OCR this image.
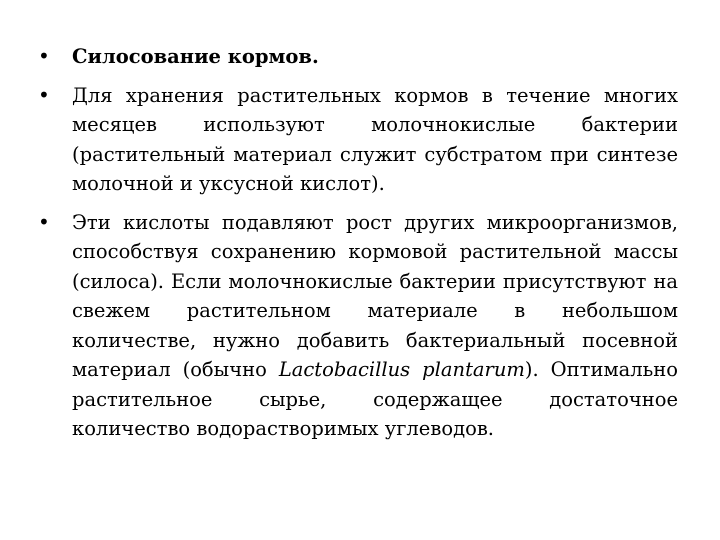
• Силосование кормов.
• Для хранения растительных кормов в течение многих месяцев используют молочнокислые бактерии (растительный материал служит субстратом при синтезе молочной и уксусной кислот).
• Эти кислоты подавляют рост других микроорганизмов, способствуя сохранению кормовой растительной массы (силоса). Если молочнокислые бактерии присутствуют на свежем растительном материале в небольшом количестве, нужно добавить бактериальный посевной материал (обычно Lactobacillus plantarum). Оптимально растительное сырье, содержащее достаточное количество водорастворимых углеводов.
